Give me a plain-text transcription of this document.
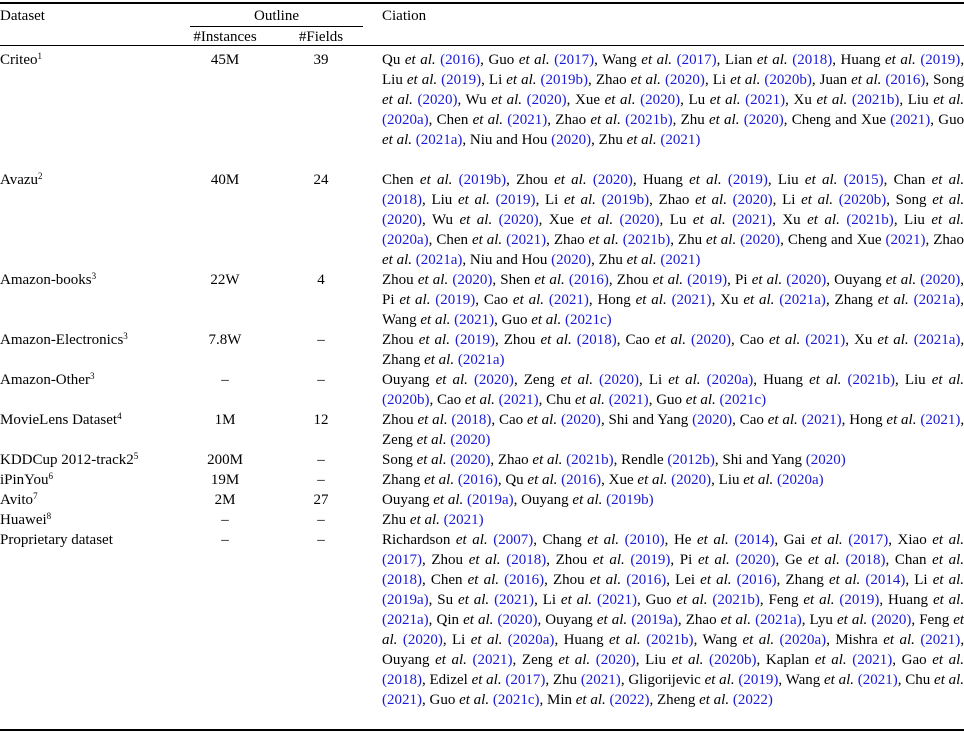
Dataset	Outline
#Instances	#Fields
Ciation
Criteo$^1$	45M	39	Qu et al. (2016), Guo et al. (2017), Wang et al. (2017), Lian et al. (2018), Huang et al. (2019), Liu et al. (2019), Li et al. (2019b), Zhao et al. (2020), Li et al. (2020b), Juan et al. (2016), Song et al. (2020), Wu et al. (2020), Xue et al. (2020), Lu et al. (2021), Xu et al. (2021b), Liu et al. (2020a), Chen et al. (2021), Zhao et al. (2021b), Zhu et al. (2020), Cheng and Xue (2021), Guo et al. (2021a), Niu and Hou (2020), Zhu et al. (2021)
Avazu$^2$	40M	24	Chen et al. (2019b), Zhou et al. (2020), Huang et al. (2019), Liu et al. (2015), Chan et al. (2018), Liu et al. (2019), Li et al. (2019b), Zhao et al. (2020), Li et al. (2020b), Song et al. (2020), Wu et al. (2020), Xue et al. (2020), Lu et al. (2021), Xu et al. (2021b), Liu et al. (2020a), Chen et al. (2021), Zhao et al. (2021b), Zhu et al. (2020), Cheng and Xue (2021), Zhao et al. (2021a), Niu and Hou (2020), Zhu et al. (2021)
Amazon-books$^3$	22W	4	Zhou et al. (2020), Shen et al. (2016), Zhou et al. (2019), Pi et al. (2020), Ouyang et al. (2020), Pi et al. (2019), Cao et al. (2021), Hong et al. (2021), Xu et al. (2021a), Zhang et al. (2021a), Wang et al. (2021), Guo et al. (2021c)
Amazon-Electronics$^3$	7.8W	–	Zhou et al. (2019), Zhou et al. (2018), Cao et al. (2020), Cao et al. (2021), Xu et al. (2021a), Zhang et al. (2021a)
Amazon-Other$^3$	–	–	Ouyang et al. (2020), Zeng et al. (2020), Li et al. (2020a), Huang et al. (2021b), Liu et al. (2020b), Cao et al. (2021), Chu et al. (2021), Guo et al. (2021c)
MovieLens Dataset$^4$	1M	12	Zhou et al. (2018), Cao et al. (2020), Shi and Yang (2020), Cao et al. (2021), Hong et al. (2021), Zeng et al. (2020)
KDDCup $2012-track2^5$	200M	–	Song et al. (2020), Zhao et al. (2021b), Rendle (2012b), Shi and Yang (2020)
iPinYou$^6$	19M	–	Zhang et al. (2016), Qu et al. (2016), Xue et al. (2020), Liu et al. (2020a)
Avito$^7$	2M	27	Ouyang et al. (2019a), Ouyang et al. (2019b)
Huawei$^8$	–	–	Zhu et al. (2021)
Proprietary dataset	–	–	Richardson et al. (2007), Chang et al. (2010), He et al. (2014), Gai et al. (2017), Xiao et al. (2017), Zhou et al. (2018), Zhou et al. (2019), Pi et al. (2020), Ge et al. (2018), Chan et al. (2018), Chen et al. (2016), Zhou et al. (2016), Lei et al. (2016), Zhang et al. (2014), Li et al. (2019a), Su et al. (2021), Li et al. (2021), Guo et al. (2021b), Feng et al. (2019), Huang et al. (2021a), Qin et al. (2020), Ouyang et al. (2019a), Zhao et al. (2021a), Lyu et al. (2020), Feng et al. (2020), Li et al. (2020a), Huang et al. (2021b), Wang et al. (2020a), Mishra et al. (2021), Ouyang et al. (2021), Zeng et al. (2020), Liu et al. (2020b), Kaplan et al. (2021), Gao et al. (2018), Edizel et al. (2017), Zhu (2021), Gligorijevic et al. (2019), Wang et al. (2021), Chu et al. (2021), Guo et al. (2021c), Min et al. (2022), Zheng et al. (2022)
